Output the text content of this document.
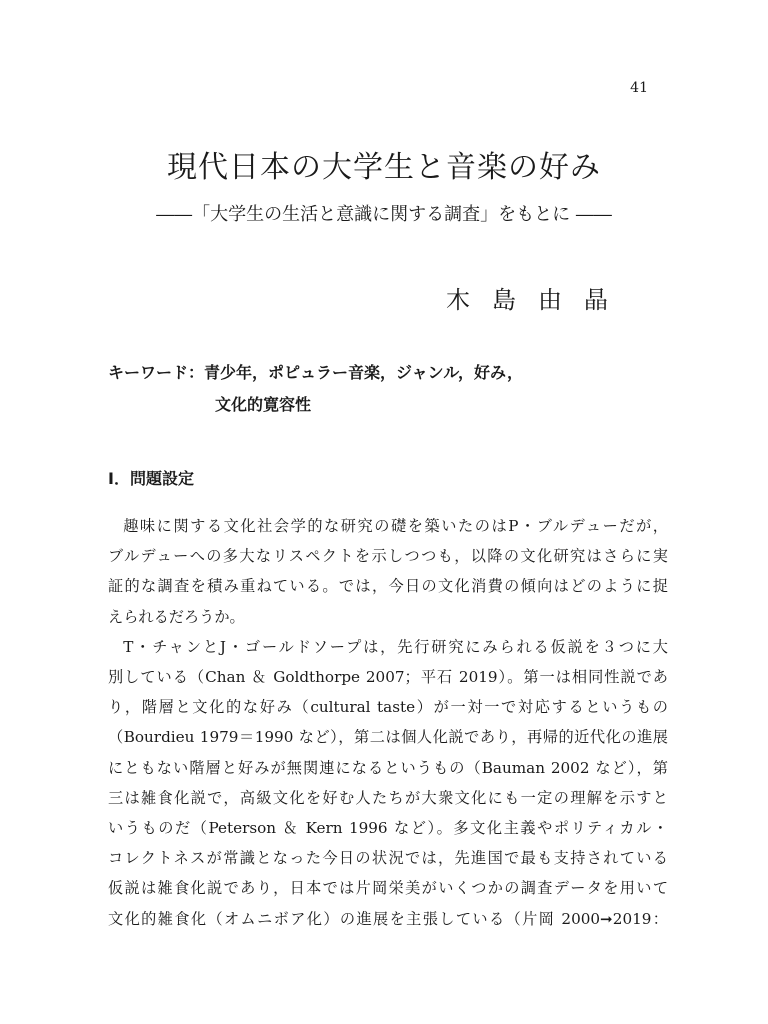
41
現代日本の大学生と音楽の好み
――「大学生の生活と意識に関する調査」をもとに ――
木島由晶
キーワード：青少年，ポピュラー音楽，ジャンル，好み，
文化的寛容性
Ⅰ．問題設定
趣味に関する文化社会学的な研究の礎を築いたのはP・ブルデューだが，
ブルデューへの多大なリスペクトを示しつつも，以降の文化研究はさらに実
証的な調査を積み重ねている。では，今日の文化消費の傾向はどのように捉
えられるだろうか。
T・チャンとJ・ゴールドソープは，先行研究にみられる仮説を３つに大
別している（Chan ＆ Goldthorpe 2007；平石 2019）。第一は相同性説であ
り，階層と文化的な好み（cultural taste）が一対一で対応するというもの
（Bourdieu 1979＝1990 など），第二は個人化説であり，再帰的近代化の進展
にともない階層と好みが無関連になるというもの（Bauman 2002 など），第
三は雑食化説で，高級文化を好む人たちが大衆文化にも一定の理解を示すと
いうものだ（Peterson ＆ Kern 1996 など）。多文化主義やポリティカル・
コレクトネスが常識となった今日の状況では，先進国で最も支持されている
仮説は雑食化説であり，日本では片岡栄美がいくつかの調査データを用いて
文化的雑食化（オムニボア化）の進展を主張している（片岡 2000➞2019：
